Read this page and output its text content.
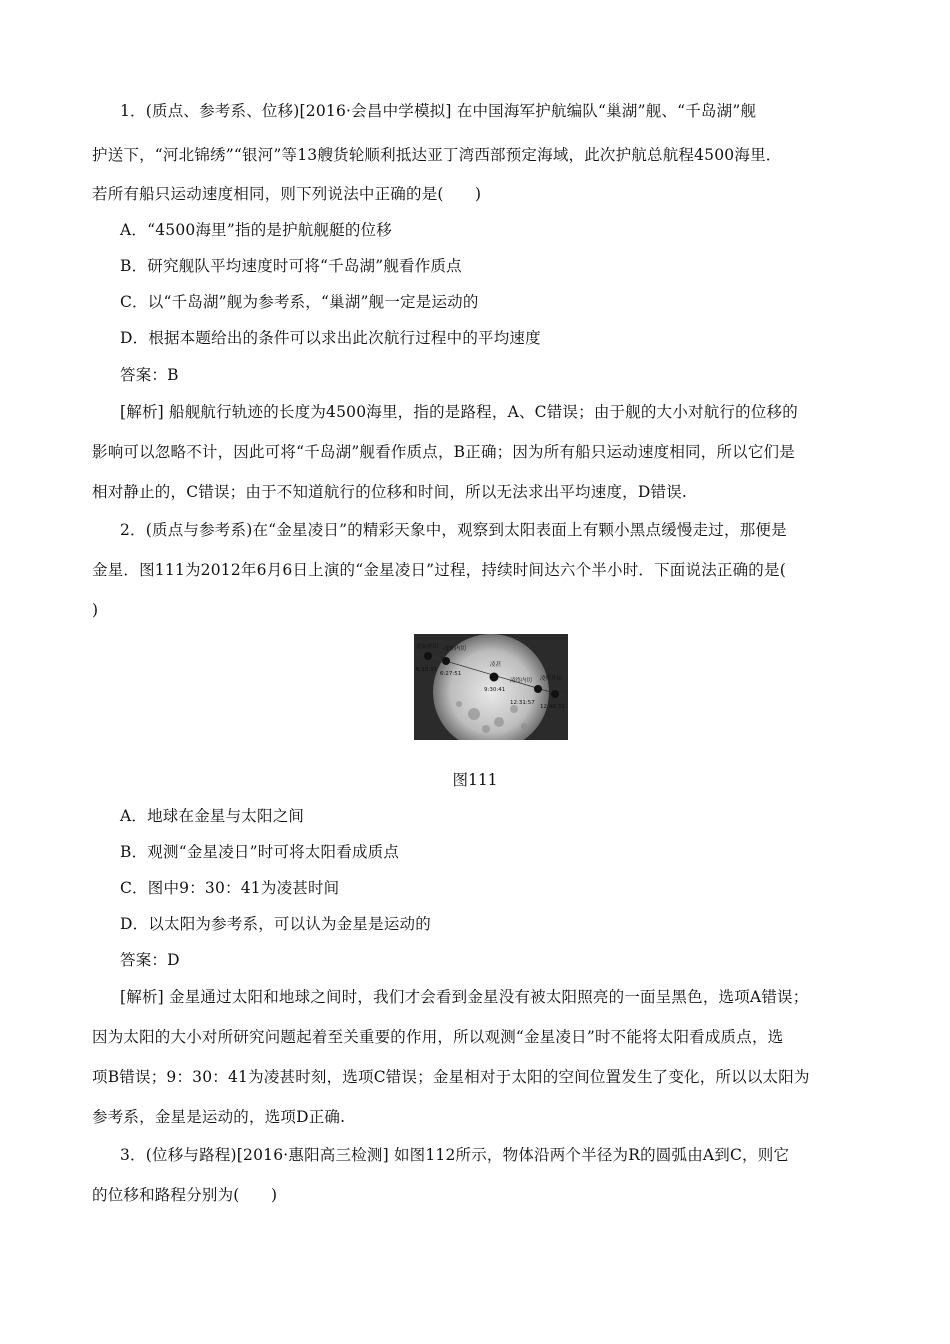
1．(质点、参考系、位移)[2016·会昌中学模拟] 在中国海军护航编队“巢湖”舰、“千岛湖”舰
护送下，“河北锦绣”“银河”等13艘货轮顺利抵达亚丁湾西部预定海域，此次护航总航程4500海里．
若所有船只运动速度相同，则下列说法中正确的是(　　)
A．“4500海里”指的是护航舰艇的位移
B．研究舰队平均速度时可将“千岛湖”舰看作质点
C．以“千岛湖”舰为参考系，“巢湖”舰一定是运动的
D．根据本题给出的条件可以求出此次航行过程中的平均速度
答案：B
[解析] 船舰航行轨迹的长度为4500海里，指的是路程，A、C错误；由于舰的大小对航行的位移的
影响可以忽略不计，因此可将“千岛湖”舰看作质点，B正确；因为所有船只运动速度相同，所以它们是
相对静止的，C错误；由于不知道航行的位移和时间，所以无法求出平均速度，D错误.
2．(质点与参考系)在“金星凌日”的精彩天象中，观察到太阳表面上有颗小黑点缓慢走过，那便是
金星．图111为2012年6月6日上演的“金星凌日”过程，持续时间达六个半小时．下面说法正确的是(
)
凌始外切
6:10:31
凌始内切
6:27:51
凌甚
9:30:41
凌终内切
12:31:57
凌终外切
12:48:31
图111
A．地球在金星与太阳之间
B．观测“金星凌日”时可将太阳看成质点
C．图中9：30：41为凌甚时间
D．以太阳为参考系，可以认为金星是运动的
答案：D
[解析] 金星通过太阳和地球之间时，我们才会看到金星没有被太阳照亮的一面呈黑色，选项A错误；
因为太阳的大小对所研究问题起着至关重要的作用，所以观测“金星凌日”时不能将太阳看成质点，选
项B错误；9：30：41为凌甚时刻，选项C错误；金星相对于太阳的空间位置发生了变化，所以以太阳为
参考系，金星是运动的，选项D正确.
3．(位移与路程)[2016·惠阳高三检测] 如图112所示，物体沿两个半径为R的圆弧由A到C，则它
的位移和路程分别为(　　)
